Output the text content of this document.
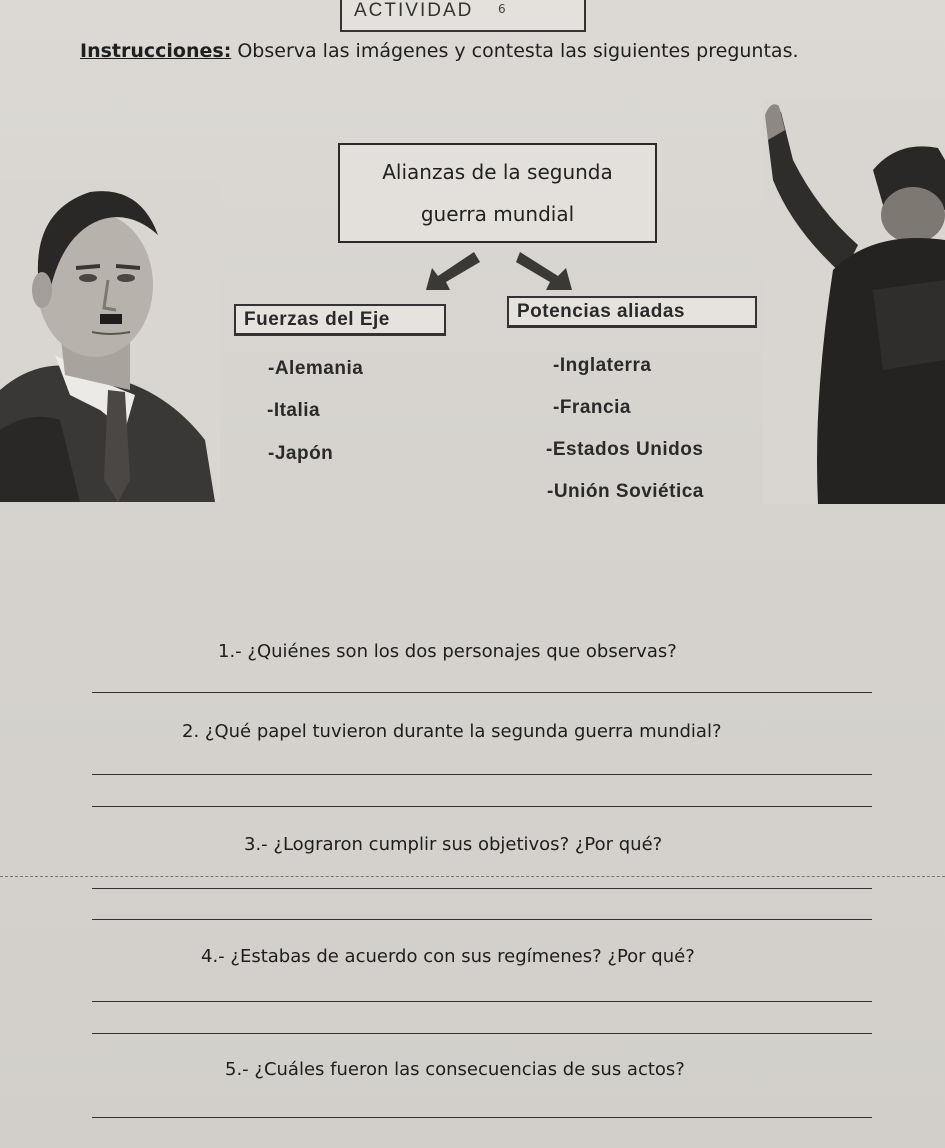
ACTIVIDAD 6
Instrucciones: Observa las imágenes y contesta las siguientes preguntas.
Alianzas de la segunda
guerra mundial
Fuerzas del Eje	Potencias aliadas
-Alemania
-Italia
-Japón
-Inglaterra
-Francia
-Estados Unidos
-Unión Soviética
1.- ¿Quiénes son los dos personajes que observas?
2. ¿Qué papel tuvieron durante la segunda guerra mundial?
3.- ¿Lograron cumplir sus objetivos? ¿Por qué?
4.- ¿Estabas de acuerdo con sus regímenes? ¿Por qué?
5.- ¿Cuáles fueron las consecuencias de sus actos?
